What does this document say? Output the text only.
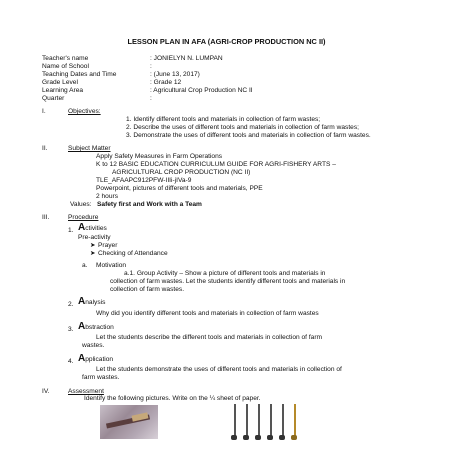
LESSON PLAN IN AFA (AGRI-CROP PRODUCTION NC II)
Teacher's name	: JONIELYN N. LUMPAN
Name of School	:
Teaching Dates and Time	: (June 13, 2017)
Grade Level	: Grade 12
Learning Area	: Agricultural Crop Production NC II
Quarter	:
I.	Objectives:
1. Identify different tools and materials in collection of farm wastes;
2. Describe the uses of different tools and materials in collection of farm wastes;
3. Demonstrate the uses of different tools and materials in collection of farm wastes.
II.	Subject Matter
Apply Safety Measures in Farm Operations
K to 12 BASIC EDUCATION CURRICULUM GUIDE FOR AGRI-FISHERY ARTS –
AGRICULTURAL CROP PRODUCTION (NC II)
TLE_AFAAPC912PFW-IIIi-jIVa-9
Powerpoint, pictures of different tools and materials, PPE
2 hours
Values: Safety first and Work with a Team
III.	Procedure
1. Activities
Pre-activity
➤ Prayer
➤ Checking of Attendance
a. Motivation
a.1. Group Activity – Show a picture of different tools and materials in
collection of farm wastes. Let the students identify different tools and materials in
collection of farm wastes.
2. Analysis
Why did you identify different tools and materials in collection of farm wastes
3. Abstraction
Let the students describe the different tools and materials in collection of farm
wastes.
4. Application
Let the students demonstrate the uses of different tools and materials in collection of
farm wastes.
IV.	Assessment
Identify the following pictures. Write on the ¼ sheet of paper.
